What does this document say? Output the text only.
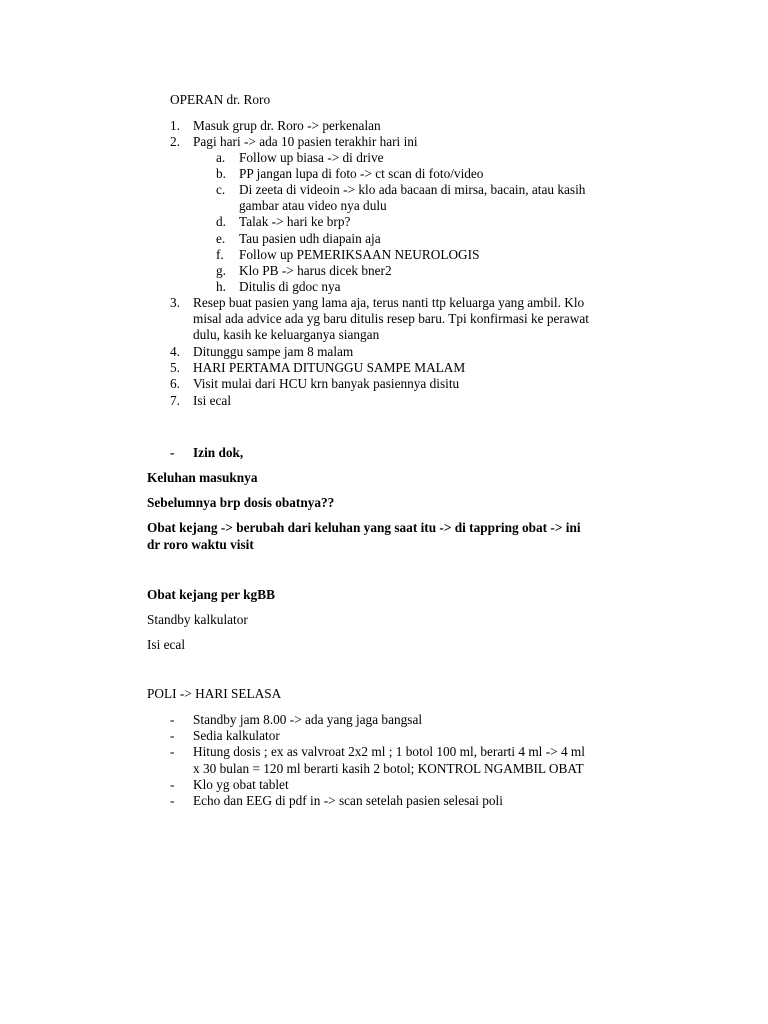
OPERAN dr. Roro
1. Masuk grup dr. Roro -> perkenalan
2. Pagi hari -> ada 10 pasien terakhir hari ini
a. Follow up biasa -> di drive
b. PP jangan lupa di foto -> ct scan di foto/video
c. Di zeeta di videoin -> klo ada bacaan di mirsa, bacain, atau kasih
gambar atau video nya dulu
d. Talak -> hari ke brp?
e. Tau pasien udh diapain aja
f. Follow up PEMERIKSAAN NEUROLOGIS
g. Klo PB -> harus dicek bner2
h. Ditulis di gdoc nya
3. Resep buat pasien yang lama aja, terus nanti ttp keluarga yang ambil. Klo
misal ada advice ada yg baru ditulis resep baru. Tpi konfirmasi ke perawat
dulu, kasih ke keluarganya siangan
4. Ditunggu sampe jam 8 malam
5. HARI PERTAMA DITUNGGU SAMPE MALAM
6. Visit mulai dari HCU krn banyak pasiennya disitu
7. Isi ecal
- Izin dok,
Keluhan masuknya
Sebelumnya brp dosis obatnya??
Obat kejang -> berubah dari keluhan yang saat itu -> di tappring obat -> ini
dr roro waktu visit
Obat kejang per kgBB
Standby kalkulator
Isi ecal
POLI -> HARI SELASA
- Standby jam 8.00 -> ada yang jaga bangsal
- Sedia kalkulator
- Hitung dosis ; ex as valvroat 2x2 ml ; 1 botol 100 ml, berarti 4 ml -> 4 ml
x 30 bulan = 120 ml berarti kasih 2 botol; KONTROL NGAMBIL OBAT
- Klo yg obat tablet
- Echo dan EEG di pdf in -> scan setelah pasien selesai poli
